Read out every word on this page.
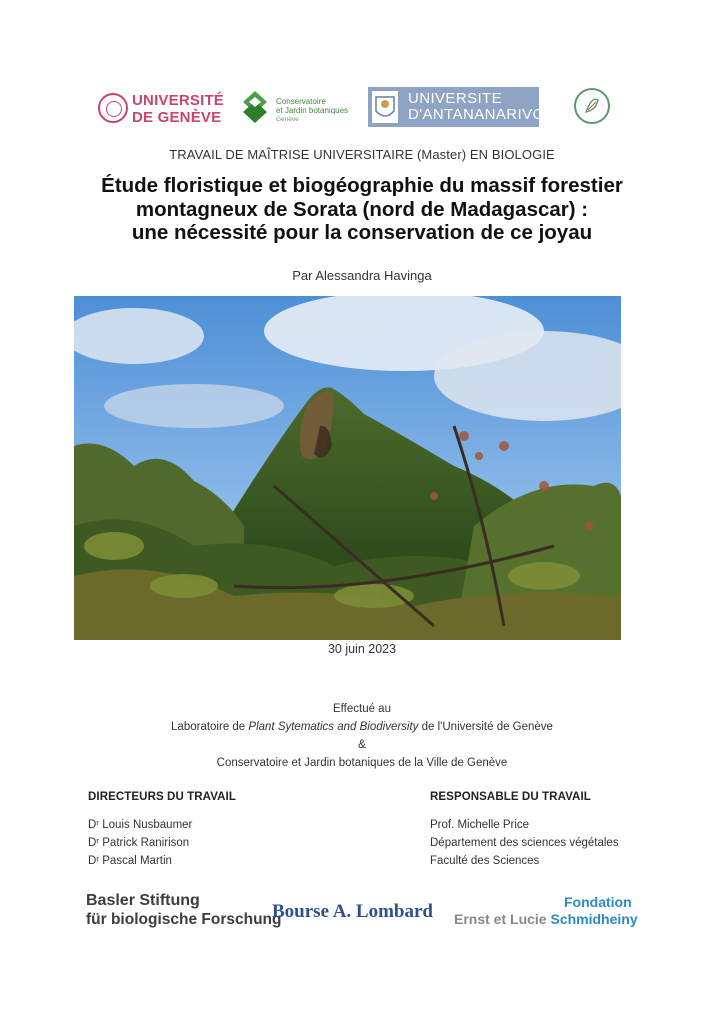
UNIVERSITÉ
DE GENÈVE
Conservatoire
et Jardin botaniques
Genève
UNIVERSITE
D'ANTANANARIVO
TRAVAIL DE MAÎTRISE UNIVERSITAIRE (Master) EN BIOLOGIE
Étude floristique et biogéographie du massif forestier
montagneux de Sorata (nord de Madagascar) :
une nécessité pour la conservation de ce joyau
Par Alessandra Havinga
30 juin 2023
Effectué au
Laboratoire de Plant Sytematics and Biodiversity de l'Université de Genève
&
Conservatoire et Jardin botaniques de la Ville de Genève
DIRECTEURS DU TRAVAIL
Dʳ Louis Nusbaumer
Dʳ Patrick Ranirison
Dʳ Pascal Martin
RESPONSABLE DU TRAVAIL
Prof. Michelle Price
Département des sciences végétales
Faculté des Sciences
Basler Stiftung
für biologische Forschung
Bourse A. Lombard	Fondation
Ernst et Lucie Schmidheiny
